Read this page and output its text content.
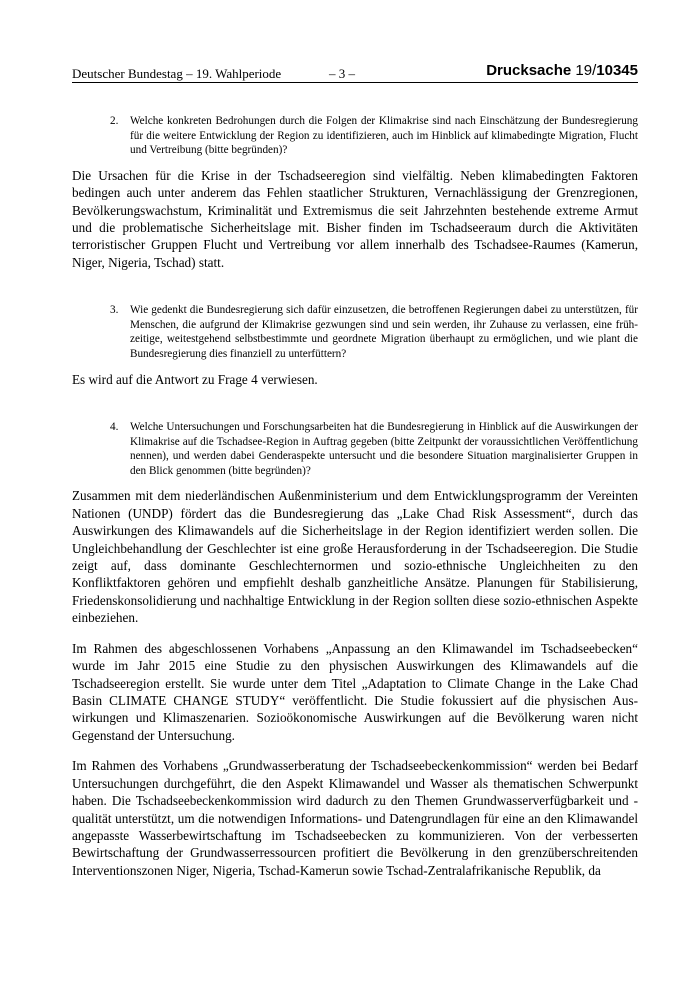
Deutscher Bundestag – 19. Wahlperiode	– 3 –	Drucksache 19/10345
2. Welche konkreten Bedrohungen durch die Folgen der Klimakrise sind nach Einschätzung der Bundesregierung für die weitere Entwicklung der Region zu identifizieren, auch im Hinblick auf klimabedingte Migration, Flucht und Vertreibung (bitte begründen)?

Die Ursachen für die Krise in der Tschadseeregion sind vielfältig. Neben klimabedingten Faktoren bedingen auch unter anderem das Fehlen staatlicher Strukturen, Vernachlässigung der Grenzregionen, Bevölkerungswachstum, Kriminalität und Extremismus die seit Jahrzehnten bestehende extreme Armut und die problematische Sicherheitslage mit. Bisher finden im Tschadseeraum durch die Aktivitäten terroristischer Gruppen Flucht und Vertreibung vor allem innerhalb des Tschadsee-Raumes (Kamerun, Niger, Nigeria, Tschad) statt.

3. Wie gedenkt die Bundesregierung sich dafür einzusetzen, die betroffenen Regierungen dabei zu unterstützen, für Menschen, die aufgrund der Klimakrise gezwungen sind und sein werden, ihr Zuhause zu verlassen, eine frühzeitige, weitestgehend selbstbestimmte und geordnete Migration überhaupt zu ermöglichen, und wie plant die Bundesregierung dies finanziell zu unterfüttern?

Es wird auf die Antwort zu Frage 4 verwiesen.

4. Welche Untersuchungen und Forschungsarbeiten hat die Bundesregierung in Hinblick auf die Auswirkungen der Klimakrise auf die Tschadsee-Region in Auftrag gegeben (bitte Zeitpunkt der voraussichtlichen Veröffentlichung nennen), und werden dabei Genderaspekte untersucht und die besondere Situation marginalisierter Gruppen in den Blick genommen (bitte begründen)?

Zusammen mit dem niederländischen Außenministerium und dem Entwicklungsprogramm der Vereinten Nationen (UNDP) fördert das die Bundesregierung das „Lake Chad Risk Assessment“, durch das Auswirkungen des Klimawandels auf die Sicherheitslage in der Region identifiziert werden sollen. Die Ungleichbehandlung der Geschlechter ist eine große Herausforderung in der Tschadseeregion. Die Studie zeigt auf, dass dominante Geschlechternormen und sozio-ethnische Ungleichheiten zu den Konfliktfaktoren gehören und empfiehlt deshalb ganzheitliche Ansätze. Planungen für Stabilisierung, Friedenskonsolidierung und nachhaltige Entwicklung in der Region sollten diese sozio-ethnischen Aspekte einbeziehen.

Im Rahmen des abgeschlossenen Vorhabens „Anpassung an den Klimawandel im Tschadseebecken“ wurde im Jahr 2015 eine Studie zu den physischen Auswirkungen des Klimawandels auf die Tschadseeregion erstellt. Sie wurde unter dem Titel „Adaptation to Climate Change in the Lake Chad Basin CLIMATE CHANGE STUDY“ veröffentlicht. Die Studie fokussiert auf die physischen Auswirkungen und Klimaszenarien. Sozioökonomische Auswirkungen auf die Bevölkerung waren nicht Gegenstand der Untersuchung.

Im Rahmen des Vorhabens „Grundwasserberatung der Tschadseebeckenkommission“ werden bei Bedarf Untersuchungen durchgeführt, die den Aspekt Klimawandel und Wasser als thematischen Schwerpunkt haben. Die Tschadseebeckenkommission wird dadurch zu den Themen Grundwasserverfügbarkeit und -qualität unterstützt, um die notwendigen Informations- und Datengrundlagen für eine an den Klimawandel angepasste Wasserbewirtschaftung im Tschadseebecken zu kommunizieren. Von der verbesserten Bewirtschaftung der Grundwasserressourcen profitiert die Bevölkerung in den grenzüberschreitenden Interventionszonen Niger, Nigeria, Tschad-Kamerun sowie Tschad-Zentralafrikanische Republik, da
